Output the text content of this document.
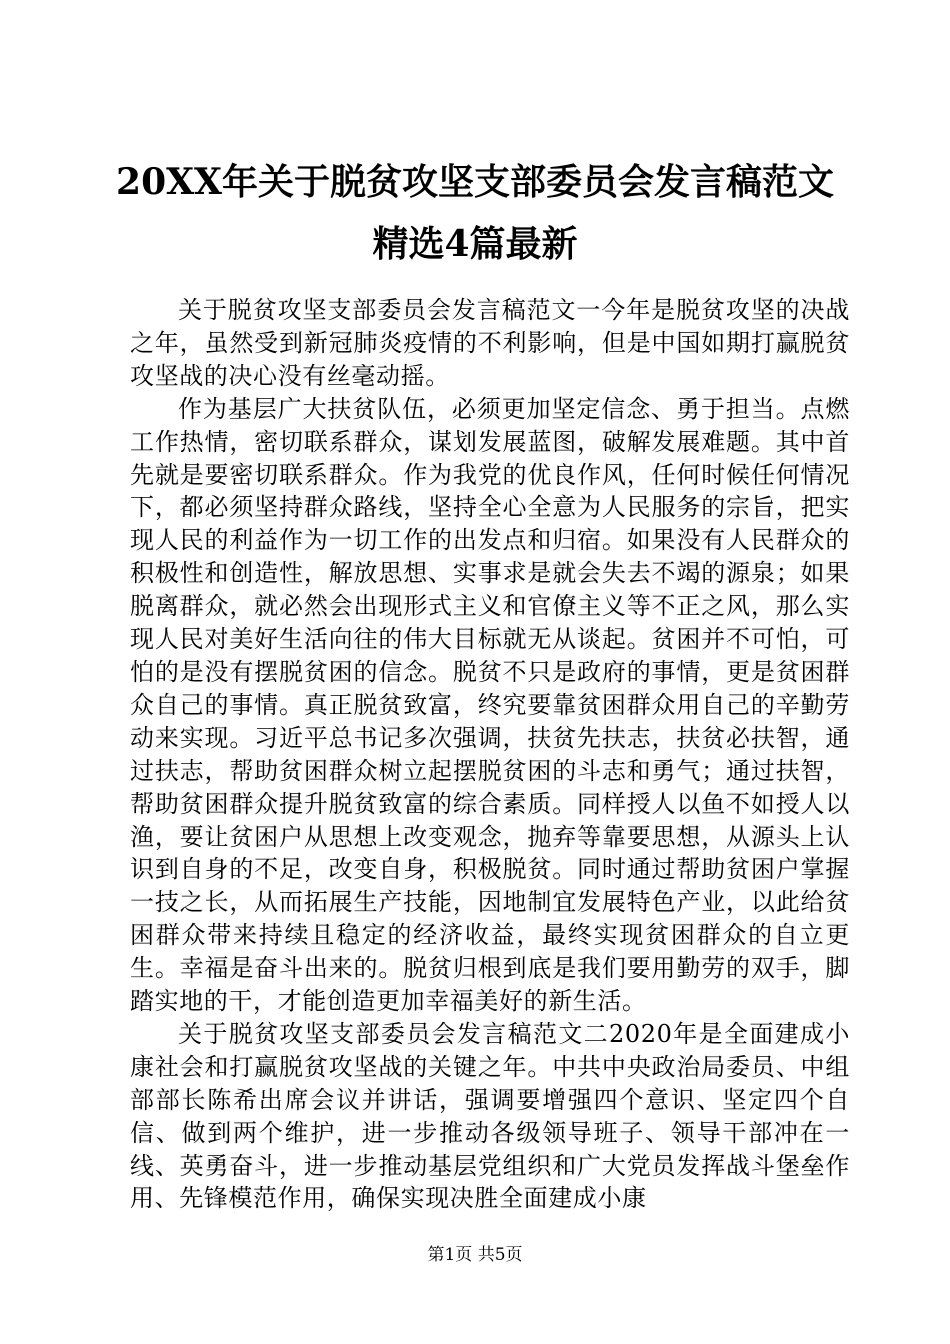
20XX年关于脱贫攻坚支部委员会发言稿范文
精选4篇最新

关于脱贫攻坚支部委员会发言稿范文一今年是脱贫攻坚的决战之年，虽然受到新冠肺炎疫情的不利影响，但是中国如期打赢脱贫攻坚战的决心没有丝毫动摇。

作为基层广大扶贫队伍，必须更加坚定信念、勇于担当。点燃工作热情，密切联系群众，谋划发展蓝图，破解发展难题。其中首先就是要密切联系群众。作为我党的优良作风，任何时候任何情况下，都必须坚持群众路线，坚持全心全意为人民服务的宗旨，把实现人民的利益作为一切工作的出发点和归宿。如果没有人民群众的积极性和创造性，解放思想、实事求是就会失去不竭的源泉；如果脱离群众，就必然会出现形式主义和官僚主义等不正之风，那么实现人民对美好生活向往的伟大目标就无从谈起。贫困并不可怕，可怕的是没有摆脱贫困的信念。脱贫不只是政府的事情，更是贫困群众自己的事情。真正脱贫致富，终究要靠贫困群众用自己的辛勤劳动来实现。习近平总书记多次强调，扶贫先扶志，扶贫必扶智，通过扶志，帮助贫困群众树立起摆脱贫困的斗志和勇气；通过扶智，帮助贫困群众提升脱贫致富的综合素质。同样授人以鱼不如授人以渔，要让贫困户从思想上改变观念，抛弃等靠要思想，从源头上认识到自身的不足，改变自身，积极脱贫。同时通过帮助贫困户掌握一技之长，从而拓展生产技能，因地制宜发展特色产业，以此给贫困群众带来持续且稳定的经济收益，最终实现贫困群众的自立更生。幸福是奋斗出来的。脱贫归根到底是我们要用勤劳的双手，脚踏实地的干，才能创造更加幸福美好的新生活。

关于脱贫攻坚支部委员会发言稿范文二2020年是全面建成小康社会和打赢脱贫攻坚战的关键之年。中共中央政治局委员、中组部部长陈希出席会议并讲话，强调要增强四个意识、坚定四个自信、做到两个维护，进一步推动各级领导班子、领导干部冲在一线、英勇奋斗，进一步推动基层党组织和广大党员发挥战斗堡垒作用、先锋模范作用，确保实现决胜全面建成小康

第1页 共5页
